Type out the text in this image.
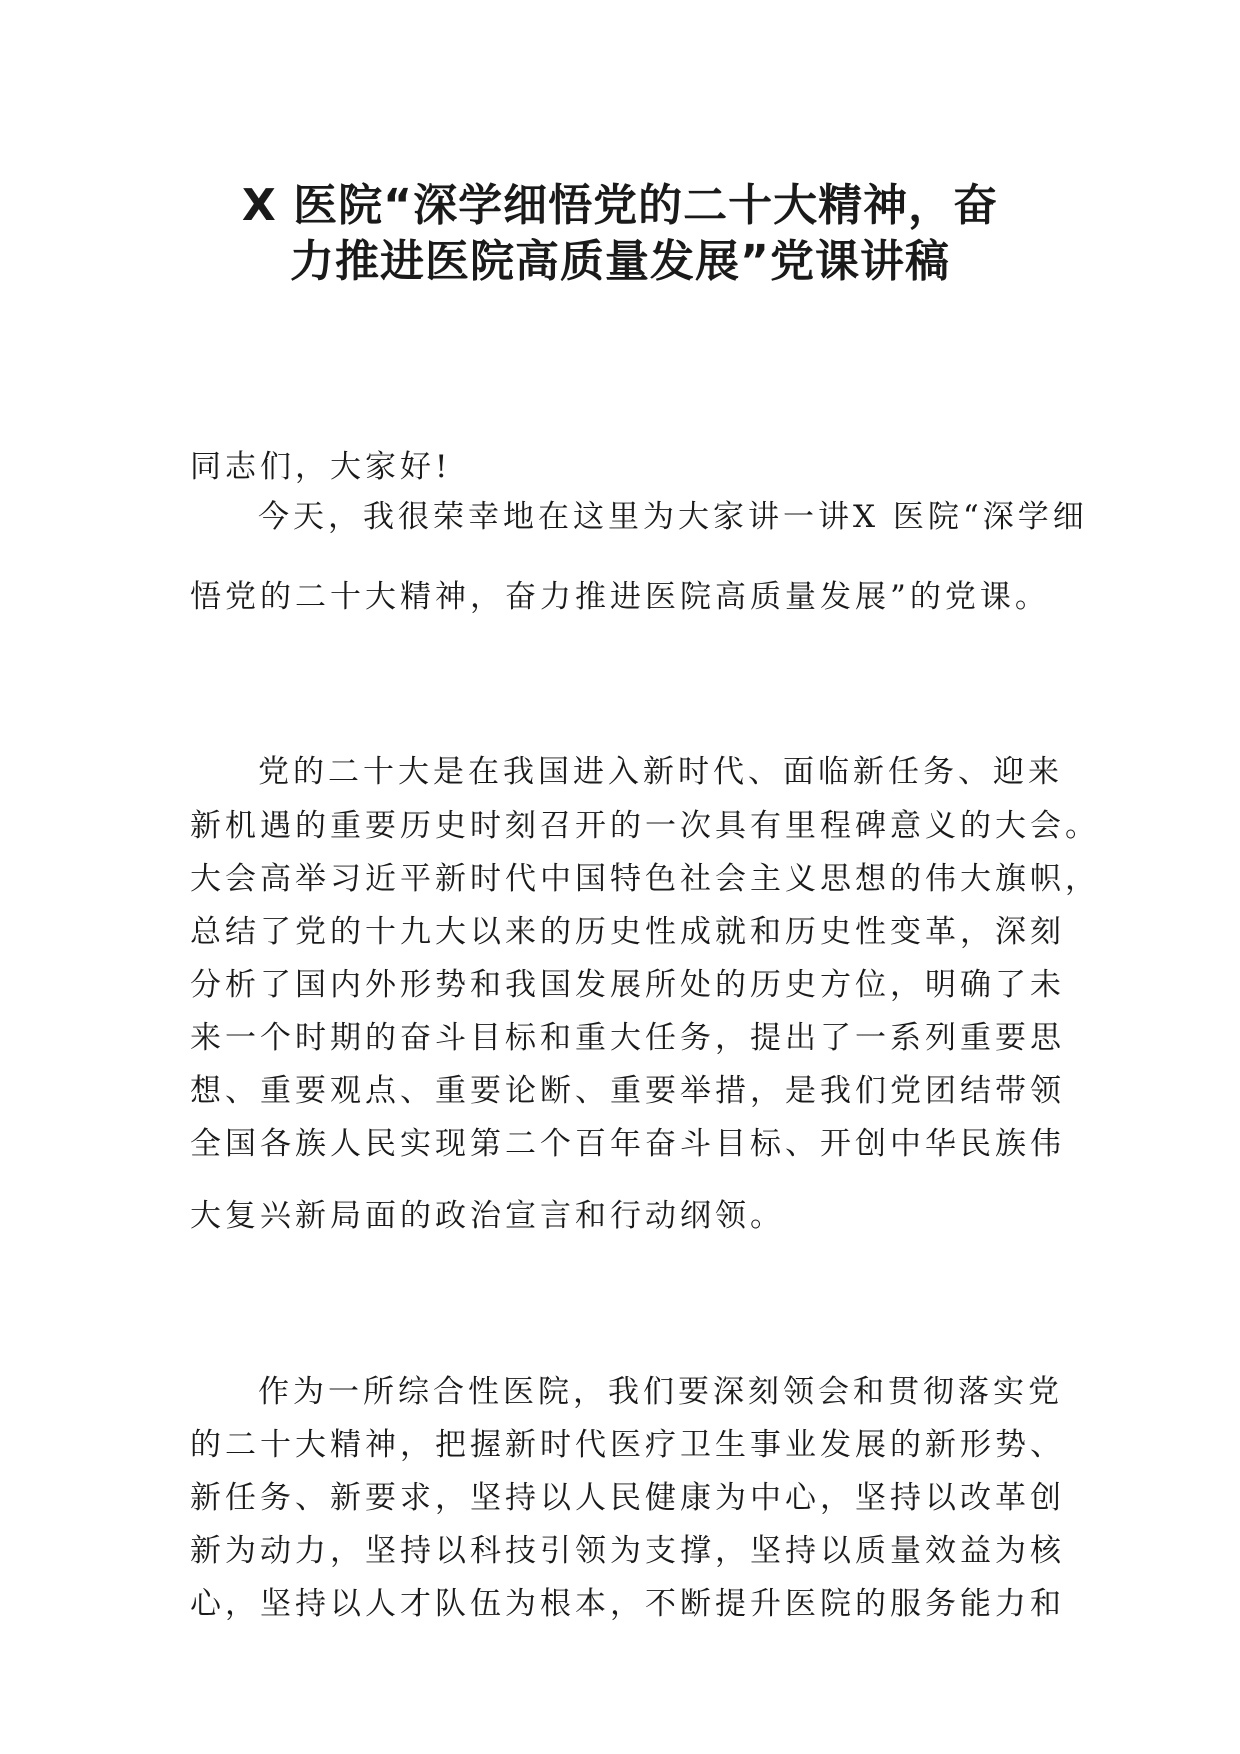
X 医院“深学细悟党的二十大精神，奋
力推进医院高质量发展”党课讲稿
同志们，大家好!
今天，我很荣幸地在这里为大家讲一讲X 医院“深学细
悟党的二十大精神，奋力推进医院高质量发展”的党课。
党的二十大是在我国进入新时代、面临新任务、迎来
新机遇的重要历史时刻召开的一次具有里程碑意义的大会。
大会高举习近平新时代中国特色社会主义思想的伟大旗帜，
总结了党的十九大以来的历史性成就和历史性变革，深刻
分析了国内外形势和我国发展所处的历史方位，明确了未
来一个时期的奋斗目标和重大任务，提出了一系列重要思
想、重要观点、重要论断、重要举措，是我们党团结带领
全国各族人民实现第二个百年奋斗目标、开创中华民族伟
大复兴新局面的政治宣言和行动纲领。
作为一所综合性医院，我们要深刻领会和贯彻落实党
的二十大精神，把握新时代医疗卫生事业发展的新形势、
新任务、新要求，坚持以人民健康为中心，坚持以改革创
新为动力，坚持以科技引领为支撑，坚持以质量效益为核
心，坚持以人才队伍为根本，不断提升医院的服务能力和
